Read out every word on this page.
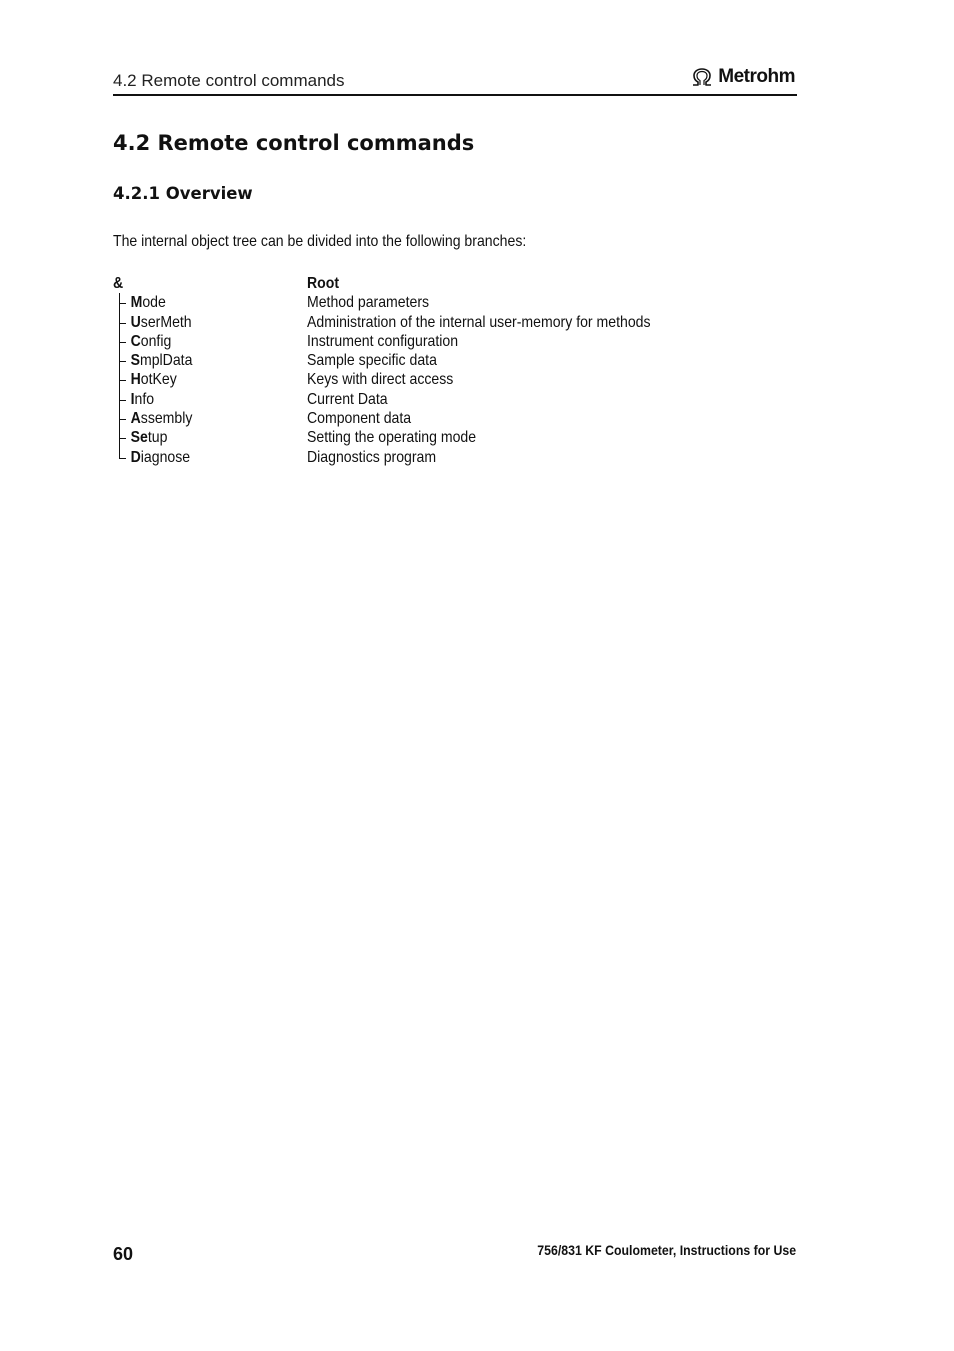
4.2 Remote control commands	Metrohm
4.2 Remote control commands
4.2.1 Overview
The internal object tree can be divided into the following branches:
&	Root
Mode	Method parameters
UserMeth	Administration of the internal user-memory for methods
Config	Instrument configuration
SmplData	Sample specific data
HotKey	Keys with direct access
Info	Current Data
Assembly	Component data
Setup	Setting the operating mode
Diagnose	Diagnostics program
60	756/831 KF Coulometer, Instructions for Use
